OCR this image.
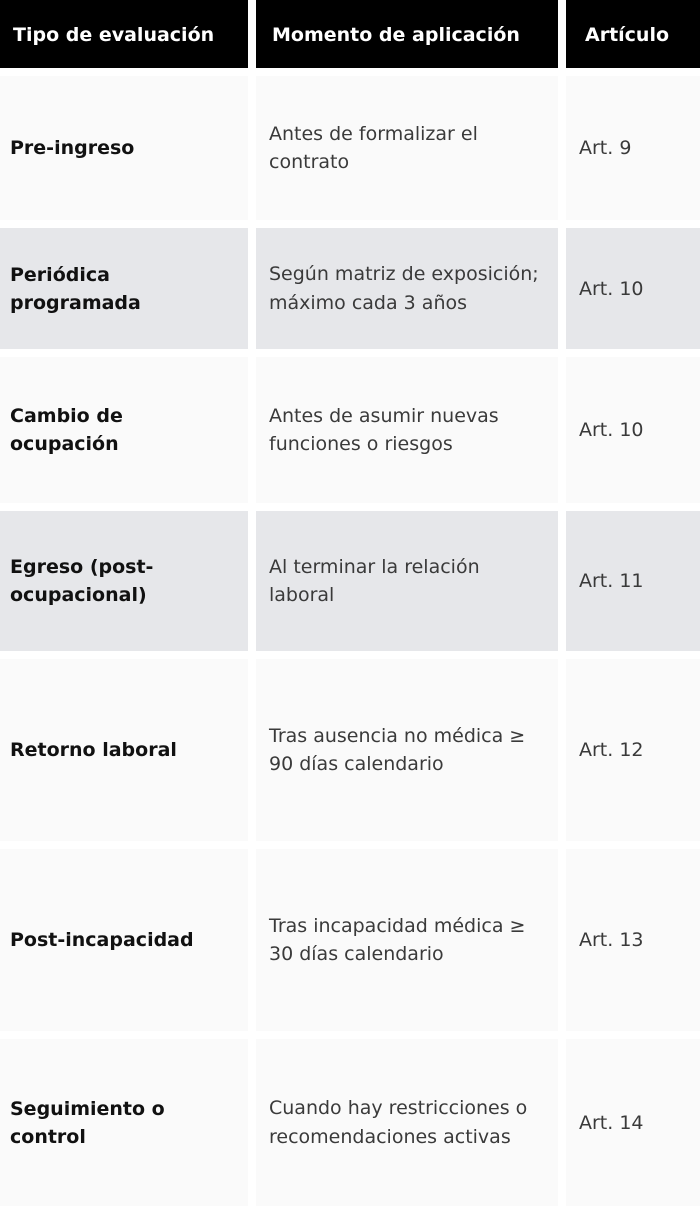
Tipo de evaluación	Momento de aplicación	Artículo
Pre-ingreso
Antes de formalizar el contrato
Art. 9
Periódica programada
Según matriz de exposición; máximo cada 3 años
Art. 10
Cambio de ocupación
Antes de asumir nuevas funciones o riesgos
Art. 10
Egreso (post-ocupacional)
Al terminar la relación laboral
Art. 11
Retorno laboral
Tras ausencia no médica ≥ 90 días calendario
Art. 12
Post-incapacidad
Tras incapacidad médica ≥ 30 días calendario
Art. 13
Seguimiento o control
Cuando hay restricciones o recomendaciones activas
Art. 14
